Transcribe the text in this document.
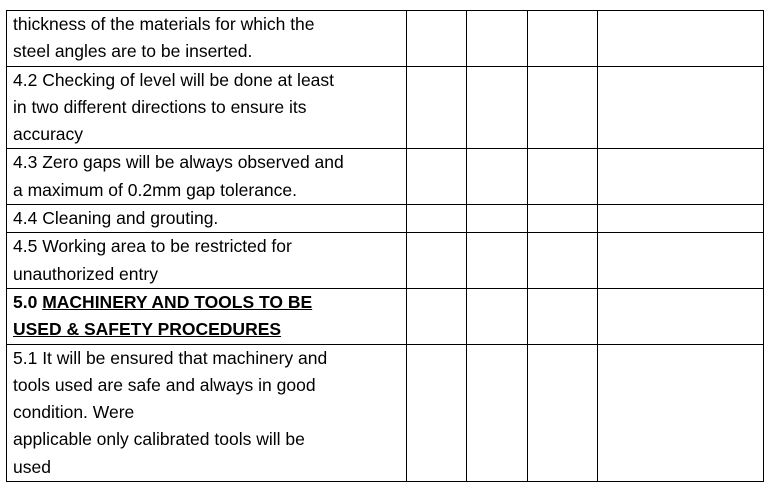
thickness of the materials for which the
steel angles are to be inserted.				

4.2 Checking of level will be done at least
in two different directions to ensure its
accuracy				

4.3 Zero gaps will be always observed and
a maximum of 0.2mm gap tolerance.				

4.4 Cleaning and grouting.				

4.5 Working area to be restricted for
unauthorized entry				

5.0 MACHINERY AND TOOLS TO BE
USED & SAFETY PROCEDURES				

5.1 It will be ensured that machinery and
tools used are safe and always in good
condition. Were
applicable only calibrated tools will be
used				
